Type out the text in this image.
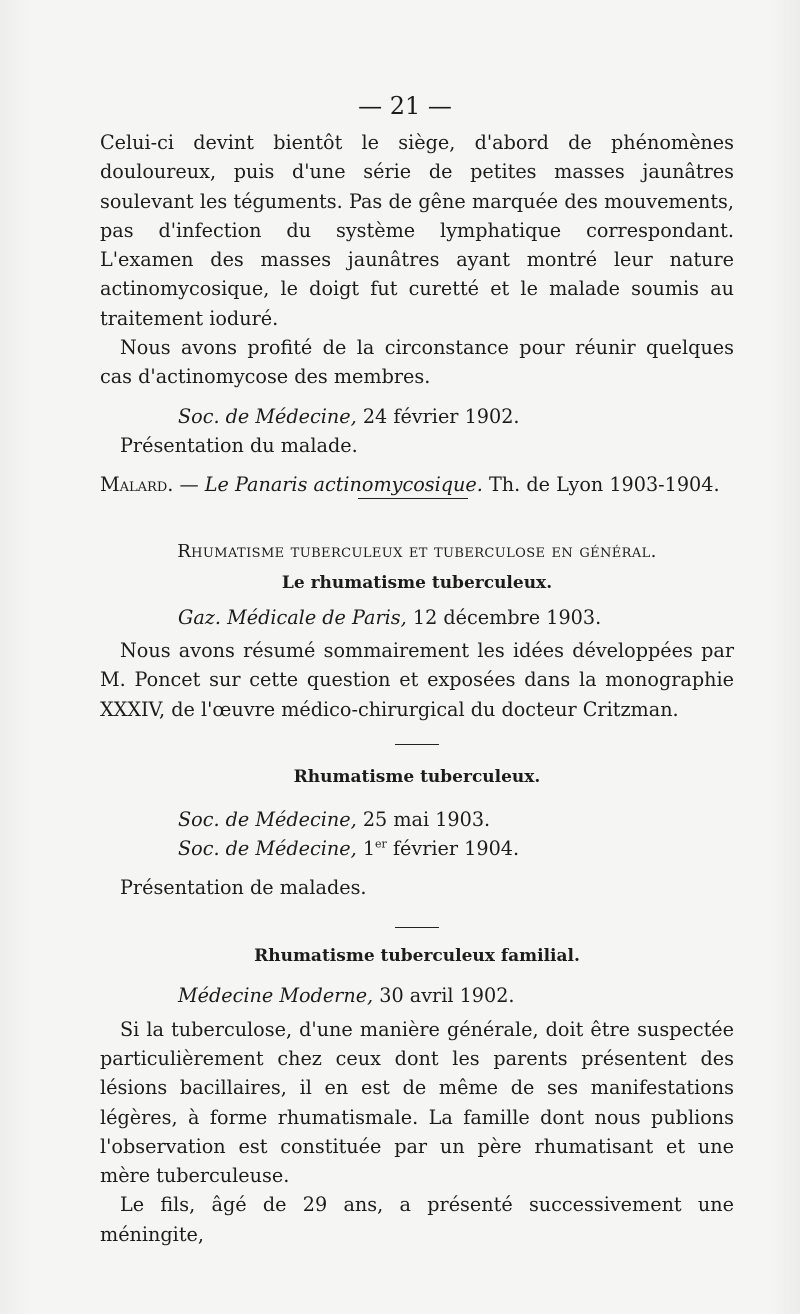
— 21 —

Celui-ci devint bientôt le siège, d'abord de phénomènes douloureux, puis d'une série de petites masses jaunâtres soulevant les téguments. Pas de gêne marquée des mouvements, pas d'infection du système lymphatique correspondant. L'examen des masses jaunâtres ayant montré leur nature actinomycosique, le doigt fut curetté et le malade soumis au traitement ioduré.

Nous avons profité de la circonstance pour réunir quelques cas d'actinomycose des membres.

Soc. de Médecine, 24 février 1902.

Présentation du malade.

Malard. — Le Panaris actinomycosique. Th. de Lyon 1903-1904.

Rhumatisme tuberculeux et tuberculose en général.

Le rhumatisme tuberculeux.

Gaz. Médicale de Paris, 12 décembre 1903.

Nous avons résumé sommairement les idées développées par M. Poncet sur cette question et exposées dans la monographie XXXIV, de l'œuvre médico-chirurgical du docteur Critzman.

Rhumatisme tuberculeux.

Soc. de Médecine, 25 mai 1903.

Soc. de Médecine, 1er février 1904.

Présentation de malades.

Rhumatisme tuberculeux familial.

Médecine Moderne, 30 avril 1902.

Si la tuberculose, d'une manière générale, doit être suspectée particulièrement chez ceux dont les parents présentent des lésions bacillaires, il en est de même de ses manifestations légères, à forme rhumatismale. La famille dont nous publions l'observation est constituée par un père rhumatisant et une mère tuberculeuse.

Le fils, âgé de 29 ans, a présenté successivement une méningite,
